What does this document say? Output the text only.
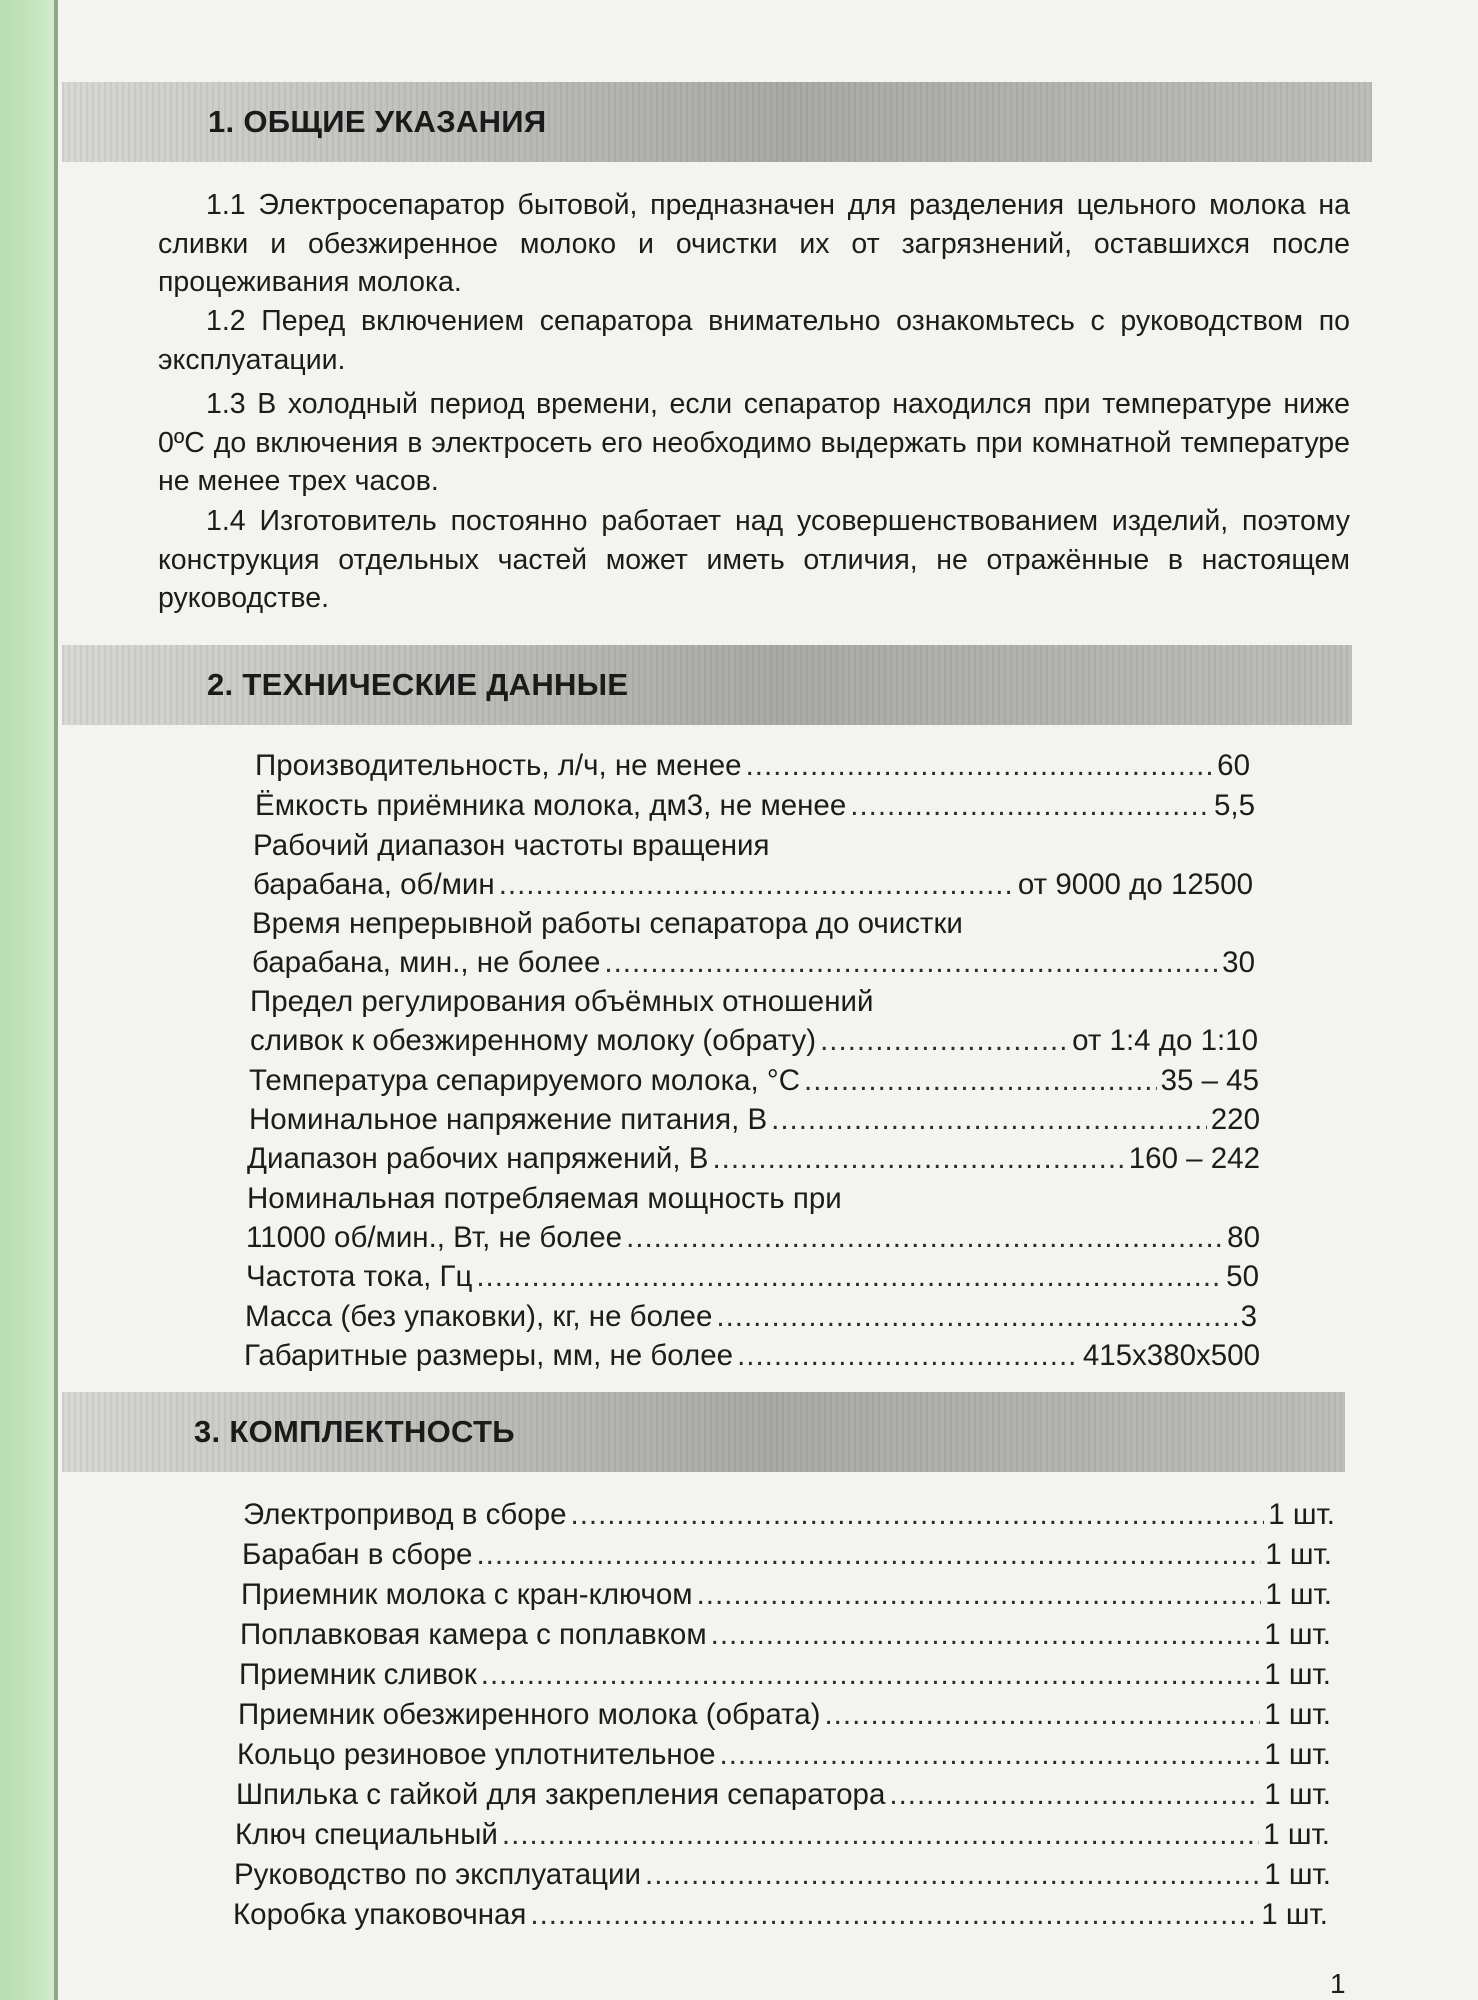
1. ОБЩИЕ УКАЗАНИЯ

1.1 Электросепаратор бытовой, предназначен для разделения цельного молока на сливки и обезжиренное молоко и очистки их от загрязнений, оставшихся после процеживания молока.

1.2 Перед включением сепаратора внимательно ознакомьтесь с руководством по эксплуатации.

1.3 В холодный период времени, если сепаратор находился при температуре ниже 0ºС до включения в электросеть его необходимо выдержать при комнатной температуре не менее трех часов.

1.4 Изготовитель постоянно работает над усовершенствованием изделий, поэтому конструкция отдельных частей может иметь отличия, не отражённые в настоящем руководстве.

2. ТЕХНИЧЕСКИЕ ДАННЫЕ
Производительность, л/ч, не менее .....	60
Ёмкость приёмника молока, дм3, не менее .....	5,5
Рабочий диапазон частоты вращения
барабана, об/мин .....	от 9000 до 12500
Время непрерывной работы сепаратора до очистки
барабана, мин., не более .....	30
Предел регулирования объёмных отношений
сливок к обезжиренному молоку (обрату) .....	от 1:4 до 1:10
Температура сепарируемого молока, °С .....	35 – 45
Номинальное напряжение питания, В .....	220
Диапазон рабочих напряжений, В .....	160 – 242
Номинальная потребляемая мощность при
11000 об/мин., Вт, не более .....	80
Частота тока, Гц .....	50
Масса (без упаковки), кг, не более .....	3
Габаритные размеры, мм, не более .....	415х380х500
3. КОМПЛЕКТНОСТЬ
Электропривод в сборе .....	1 шт.
Барабан в сборе .....	1 шт.
Приемник молока с кран-ключом .....	1 шт.
Поплавковая камера с поплавком .....	1 шт.
Приемник сливок .....	1 шт.
Приемник обезжиренного молока (обрата) .....	1 шт.
Кольцо резиновое уплотнительное .....	1 шт.
Шпилька с гайкой для закрепления сепаратора .....	1 шт.
Ключ специальный .....	1 шт.
Руководство по эксплуатации .....	1 шт.
Коробка упаковочная .....	1 шт.
1
